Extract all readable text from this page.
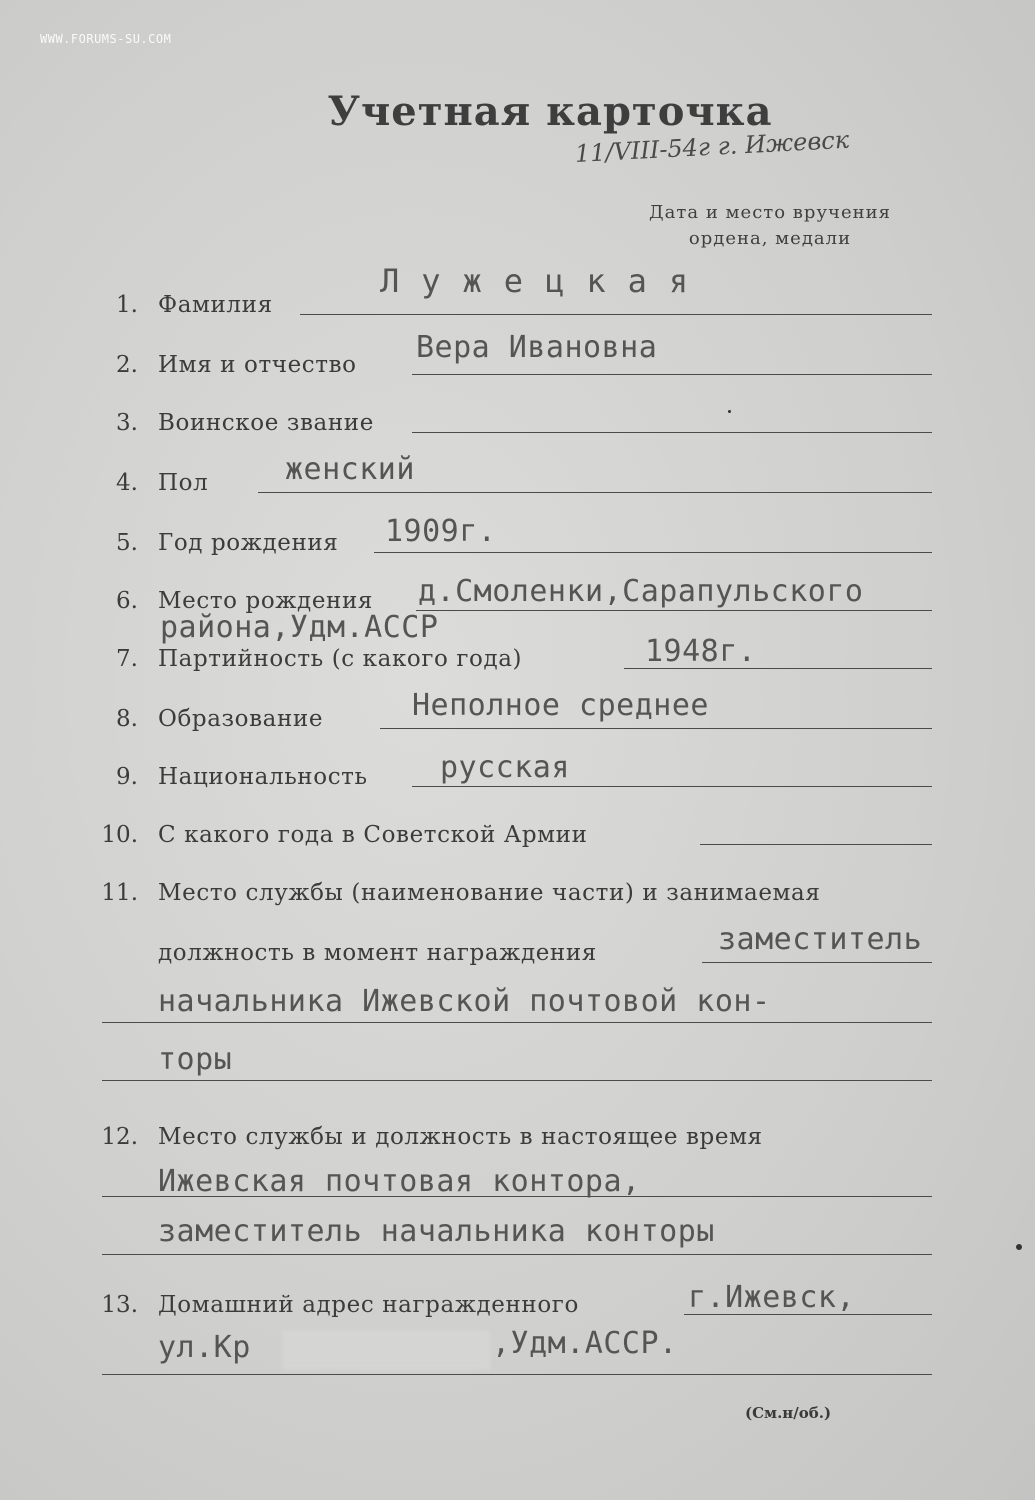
WWW.FORUMS-SU.COM
Учетная карточка
11/VIII-54г г. Ижевск
Дата и место вручения
ордена, медали
1. Фамилия
Лужецкая
2. Имя и отчество Вера Ивановна
3. Воинское звание
4. Пол	женский
5. Год рождения 1909г.
6. Место рождения д.Смоленки,Сарапульского
района,Удм.АССР
7. Партийность (с какого года)	1948г.
8. Образование	Неполное среднее
9. Национальность русская
10. С какого года в Советской Армии
11. Место службы (наименование части) и занимаемая
должность в момент награждения	заместитель
начальника Ижевской почтовой кон-
торы
12. Место службы и должность в настоящее время
Ижевская почтовая контора,
заместитель начальника конторы
13. Домашний адрес награжденного	г.Ижевск,
ул.Кр	,Удм.АССР.
(См.н/об.)
